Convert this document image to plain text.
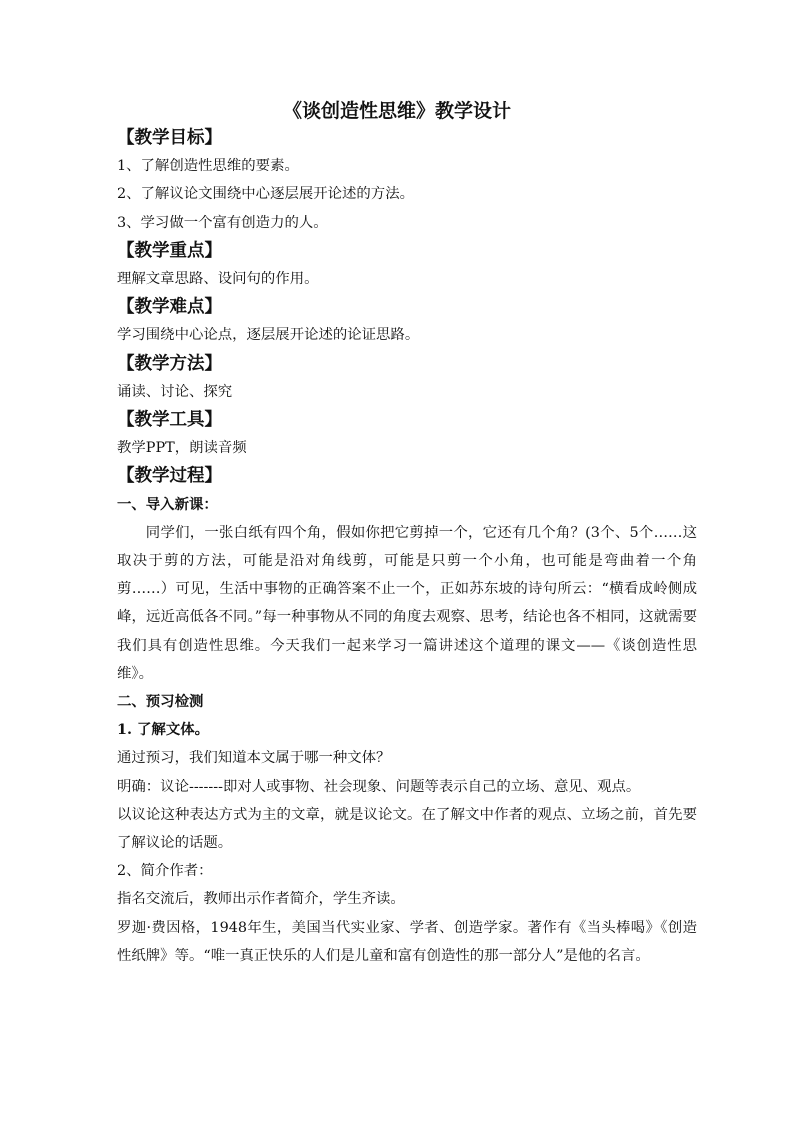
《谈创造性思维》教学设计
【教学目标】
1、了解创造性思维的要素。
2、了解议论文围绕中心逐层展开论述的方法。
3、学习做一个富有创造力的人。
【教学重点】
理解文章思路、设问句的作用。
【教学难点】
学习围绕中心论点，逐层展开论述的论证思路。
【教学方法】
诵读、讨论、探究
【教学工具】
教学PPT，朗读音频
【教学过程】
一、导入新课：
同学们，一张白纸有四个角，假如你把它剪掉一个，它还有几个角？(3个、5个……这取决于剪的方法，可能是沿对角线剪，可能是只剪一个小角，也可能是弯曲着一个角剪……）可见，生活中事物的正确答案不止一个，正如苏东坡的诗句所云：“横看成岭侧成峰，远近高低各不同。”每一种事物从不同的角度去观察、思考，结论也各不相同，这就需要我们具有创造性思维。今天我们一起来学习一篇讲述这个道理的课文——《谈创造性思维》。
二、预习检测
1. 了解文体。
通过预习，我们知道本文属于哪一种文体？
明确：议论-------即对人或事物、社会现象、问题等表示自己的立场、意见、观点。
以议论这种表达方式为主的文章，就是议论文。在了解文中作者的观点、立场之前，首先要了解议论的话题。
2、简介作者：
指名交流后，教师出示作者简介，学生齐读。
罗迦·费因格，1948年生，美国当代实业家、学者、创造学家。著作有《当头棒喝》《创造性纸牌》等。“唯一真正快乐的人们是儿童和富有创造性的那一部分人”是他的名言。
